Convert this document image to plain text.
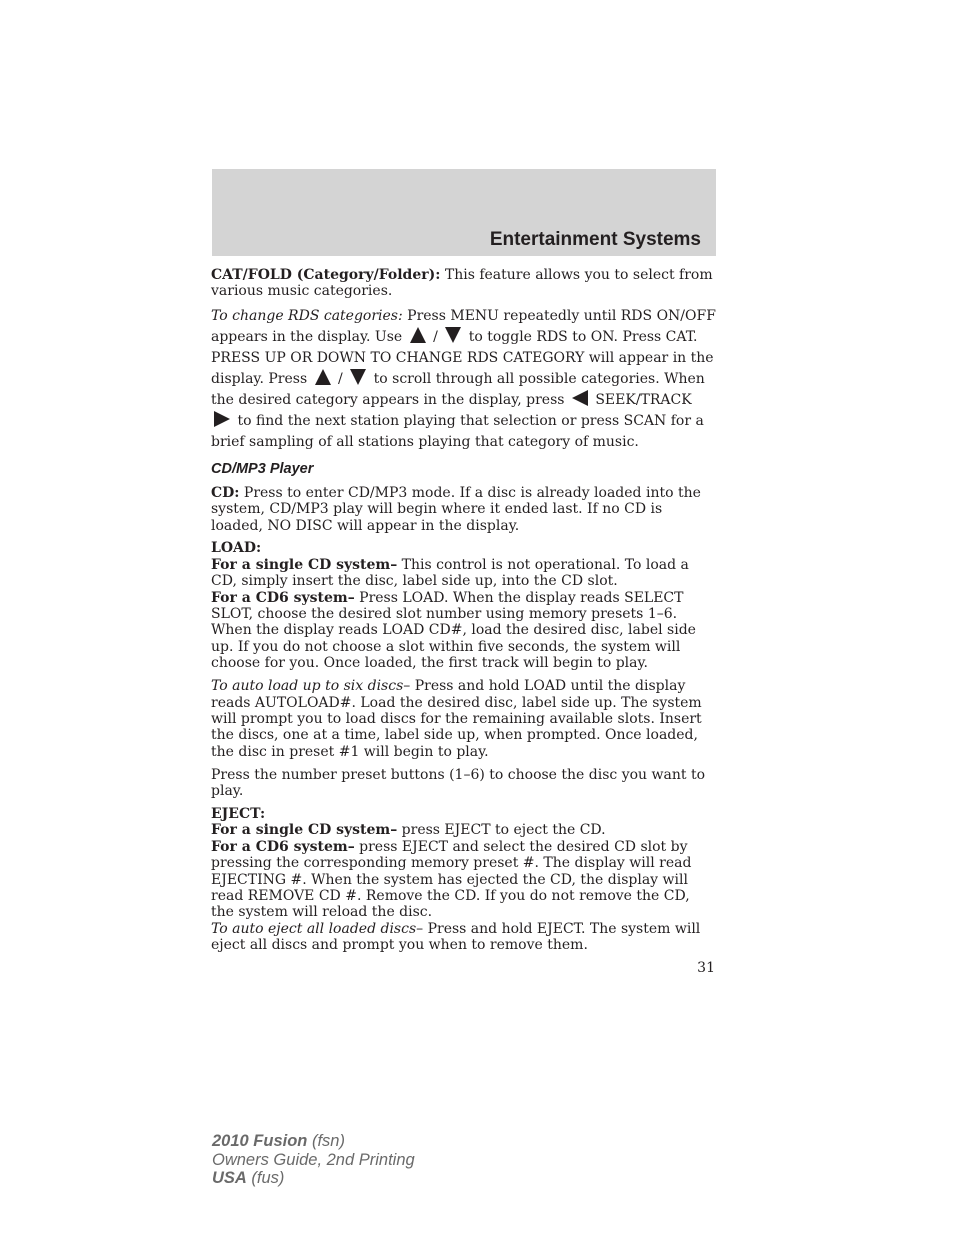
Entertainment Systems

CAT/FOLD (Category/Folder): This feature allows you to select from various music categories.

To change RDS categories: Press MENU repeatedly until RDS ON/OFF appears in the display. Use  /  to toggle RDS to ON. Press CAT. PRESS UP OR DOWN TO CHANGE RDS CATEGORY will appear in the display. Press  /  to scroll through all possible categories. When the desired category appears in the display, press  SEEK/TRACK  to find the next station playing that selection or press SCAN for a brief sampling of all stations playing that category of music.

CD/MP3 Player

CD: Press to enter CD/MP3 mode. If a disc is already loaded into the system, CD/MP3 play will begin where it ended last. If no CD is loaded, NO DISC will appear in the display.

LOAD:

For a single CD system– This control is not operational. To load a CD, simply insert the disc, label side up, into the CD slot.

For a CD6 system– Press LOAD. When the display reads SELECT SLOT, choose the desired slot number using memory presets 1–6. When the display reads LOAD CD#, load the desired disc, label side up. If you do not choose a slot within five seconds, the system will choose for you. Once loaded, the first track will begin to play.

To auto load up to six discs– Press and hold LOAD until the display reads AUTOLOAD#. Load the desired disc, label side up. The system will prompt you to load discs for the remaining available slots. Insert the discs, one at a time, label side up, when prompted. Once loaded, the disc in preset #1 will begin to play.

Press the number preset buttons (1–6) to choose the disc you want to play.

EJECT:

For a single CD system– press EJECT to eject the CD.

For a CD6 system– press EJECT and select the desired CD slot by pressing the corresponding memory preset #. The display will read EJECTING #. When the system has ejected the CD, the display will read REMOVE CD #. Remove the CD. If you do not remove the CD, the system will reload the disc.

To auto eject all loaded discs– Press and hold EJECT. The system will eject all discs and prompt you when to remove them.

31
2010 Fusion (fsn)
Owners Guide, 2nd Printing
USA (fus)
